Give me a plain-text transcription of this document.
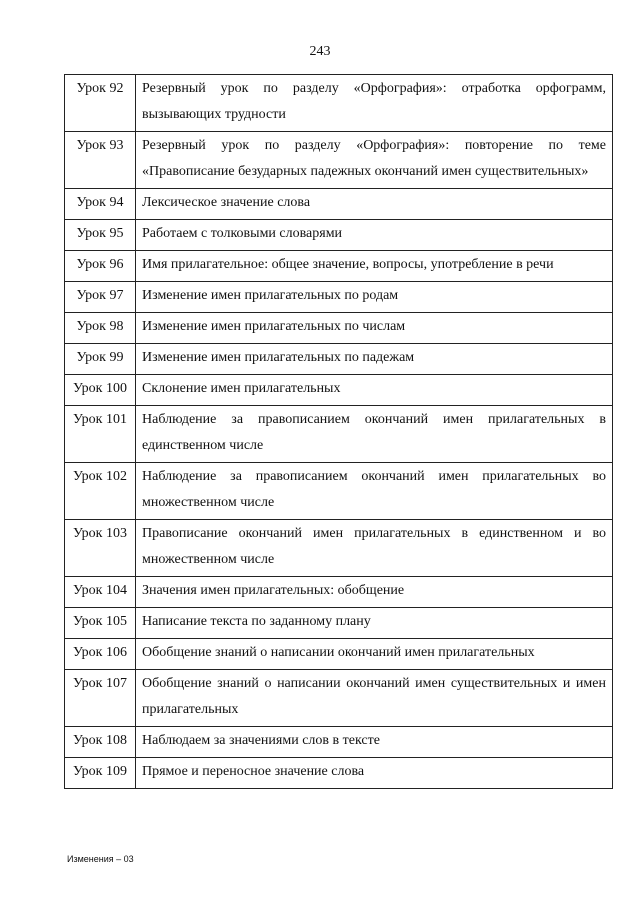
243
Урок 92	Резервный урок по разделу «Орфография»: отработка орфограмм, вызывающих трудности
Урок 93	Резервный урок по разделу «Орфография»: повторение по теме «Правописание безударных падежных окончаний имен существительных»
Урок 94	Лексическое значение слова
Урок 95	Работаем с толковыми словарями
Урок 96	Имя прилагательное: общее значение, вопросы, употребление в речи
Урок 97	Изменение имен прилагательных по родам
Урок 98	Изменение имен прилагательных по числам
Урок 99	Изменение имен прилагательных по падежам
Урок 100	Склонение имен прилагательных
Урок 101	Наблюдение за правописанием окончаний имен прилагательных в единственном числе
Урок 102	Наблюдение за правописанием окончаний имен прилагательных во множественном числе
Урок 103	Правописание окончаний имен прилагательных в единственном и во множественном числе
Урок 104	Значения имен прилагательных: обобщение
Урок 105	Написание текста по заданному плану
Урок 106	Обобщение знаний о написании окончаний имен прилагательных
Урок 107	Обобщение знаний о написании окончаний имен существительных и имен прилагательных
Урок 108	Наблюдаем за значениями слов в тексте
Урок 109	Прямое и переносное значение слова
Изменения – 03
